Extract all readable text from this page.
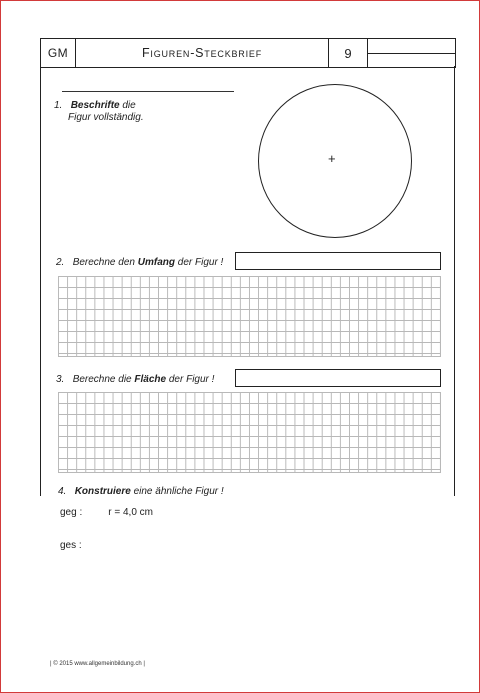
GM	Figuren-Steckbrief	9
1. Beschrifte die
Figur vollständig.
+
2. Berechne den Umfang der Figur !
3. Berechne die Fläche der Figur !
4. Konstruiere eine ähnliche Figur !
geg :	r = 4,0 cm
ges :
| © 2015 www.allgemeinbildung.ch |
